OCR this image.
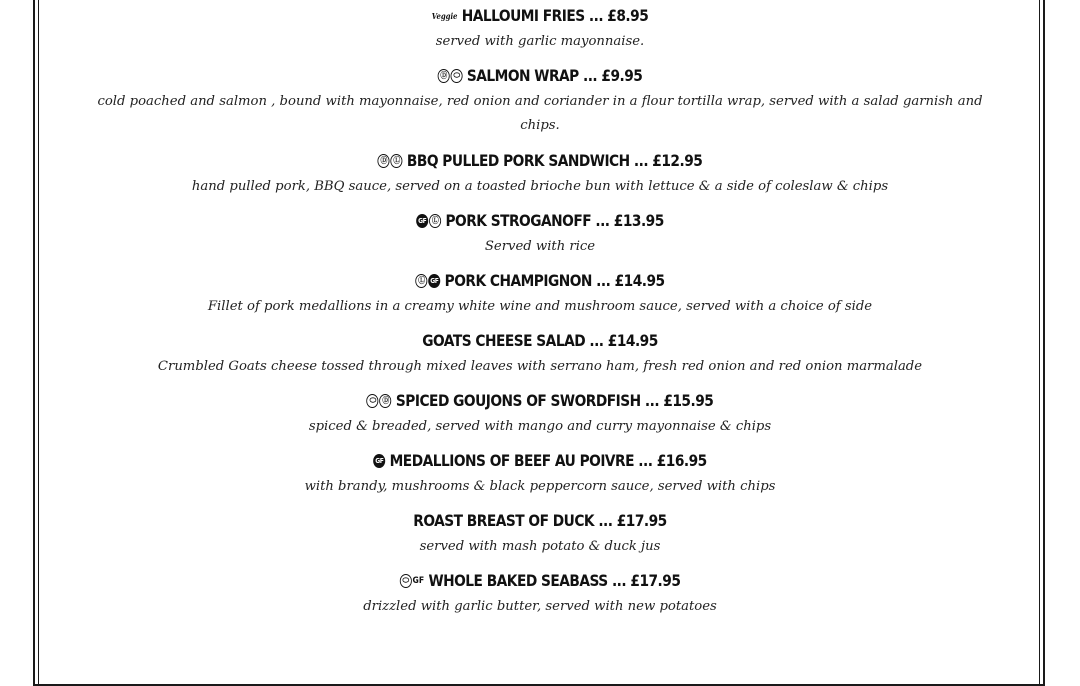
Veggie HALLOUMI FRIES ... £8.95
served with garlic mayonnaise.
Ⓓ ⬭ SALMON WRAP ... £9.95
cold poached and salmon , bound with mayonnaise, red onion and coriander in a flour tortilla wrap, served with a salad garnish and chips.
Ⓓ Ⓛ BBQ PULLED PORK SANDWICH ... £12.95
hand pulled pork, BBQ sauce, served on a toasted brioche bun with lettuce & a side of coleslaw & chips
GF Ⓛ PORK STROGANOFF ... £13.95
Served with rice
Ⓛ GF PORK CHAMPIGNON ... £14.95
Fillet of pork medallions in a creamy white wine and mushroom sauce, served with a choice of side
GOATS CHEESE SALAD ... £14.95
Crumbled Goats cheese tossed through mixed leaves with serrano ham, fresh red onion and red onion marmalade
⬭ Ⓓ SPICED GOUJONS OF SWORDFISH ... £15.95
spiced & breaded, served with mango and curry mayonnaise & chips
GF MEDALLIONS OF BEEF AU POIVRE ... £16.95
with brandy, mushrooms & black peppercorn sauce, served with chips
ROAST BREAST OF DUCK ... £17.95
served with mash potato & duck jus
⬭ GF WHOLE BAKED SEABASS ... £17.95
drizzled with garlic butter, served with new potatoes
